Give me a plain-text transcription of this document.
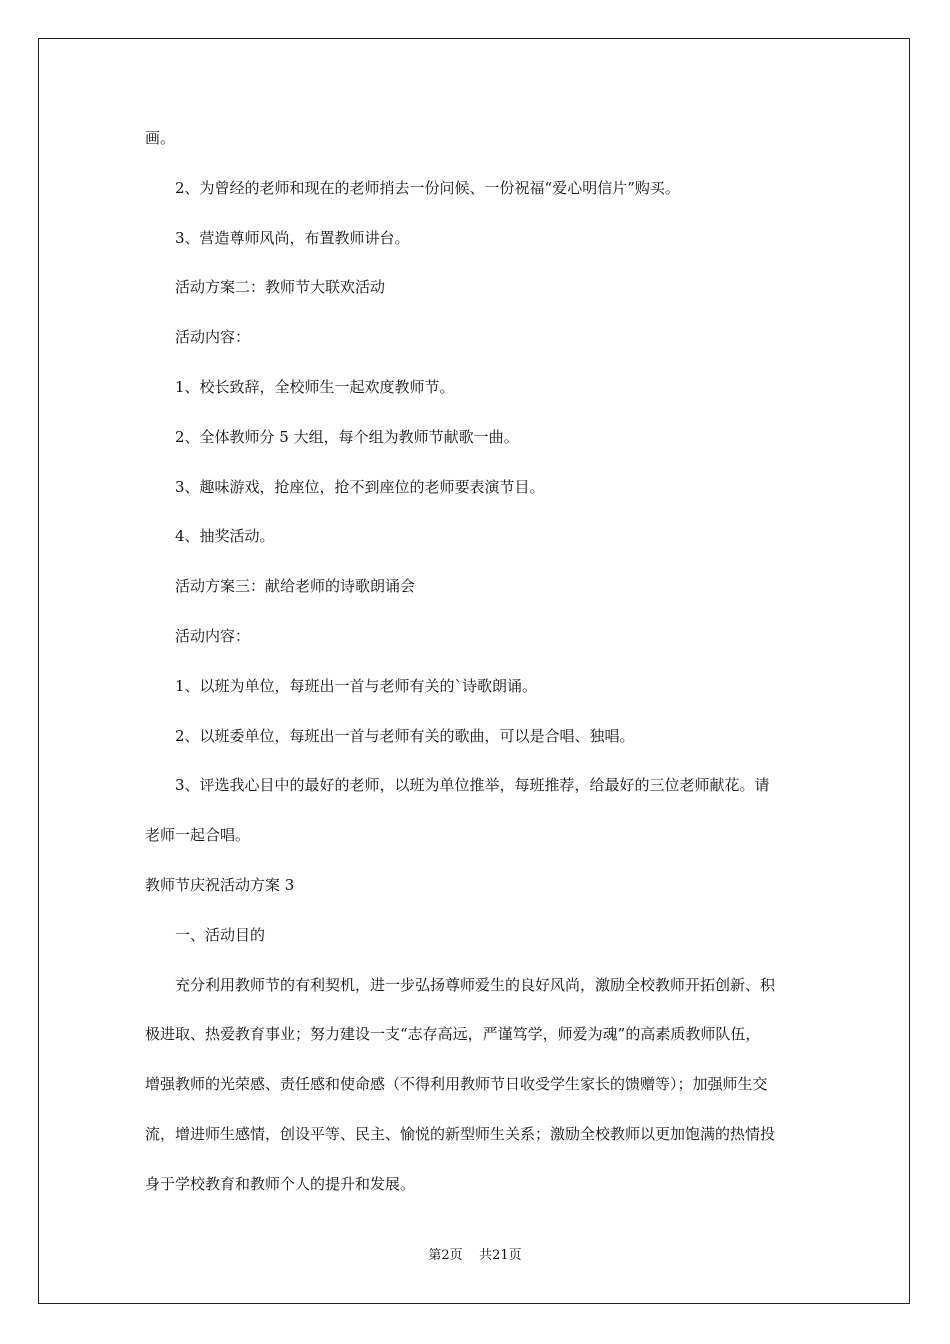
画。
2、为曾经的老师和现在的老师捎去一份问候、一份祝福“爱心明信片”购买。
3、营造尊师风尚，布置教师讲台。
活动方案二：教师节大联欢活动
活动内容：
1、校长致辞，全校师生一起欢度教师节。
2、全体教师分 5 大组，每个组为教师节献歌一曲。
3、趣味游戏，抢座位，抢不到座位的老师要表演节目。
4、抽奖活动。
活动方案三：献给老师的诗歌朗诵会
活动内容：
1、以班为单位，每班出一首与老师有关的`诗歌朗诵。
2、以班委单位，每班出一首与老师有关的歌曲，可以是合唱、独唱。
3、评选我心目中的最好的老师，以班为单位推举，每班推荐，给最好的三位老师献花。请
老师一起合唱。
教师节庆祝活动方案 3
一、活动目的
充分利用教师节的有利契机，进一步弘扬尊师爱生的良好风尚，激励全校教师开拓创新、积
极进取、热爱教育事业；努力建设一支“志存高远，严谨笃学，师爱为魂”的高素质教师队伍，
增强教师的光荣感、责任感和使命感（不得利用教师节日收受学生家长的馈赠等）；加强师生交
流，增进师生感情，创设平等、民主、愉悦的新型师生关系；激励全校教师以更加饱满的热情投
身于学校教育和教师个人的提升和发展。
第2页    共21页
